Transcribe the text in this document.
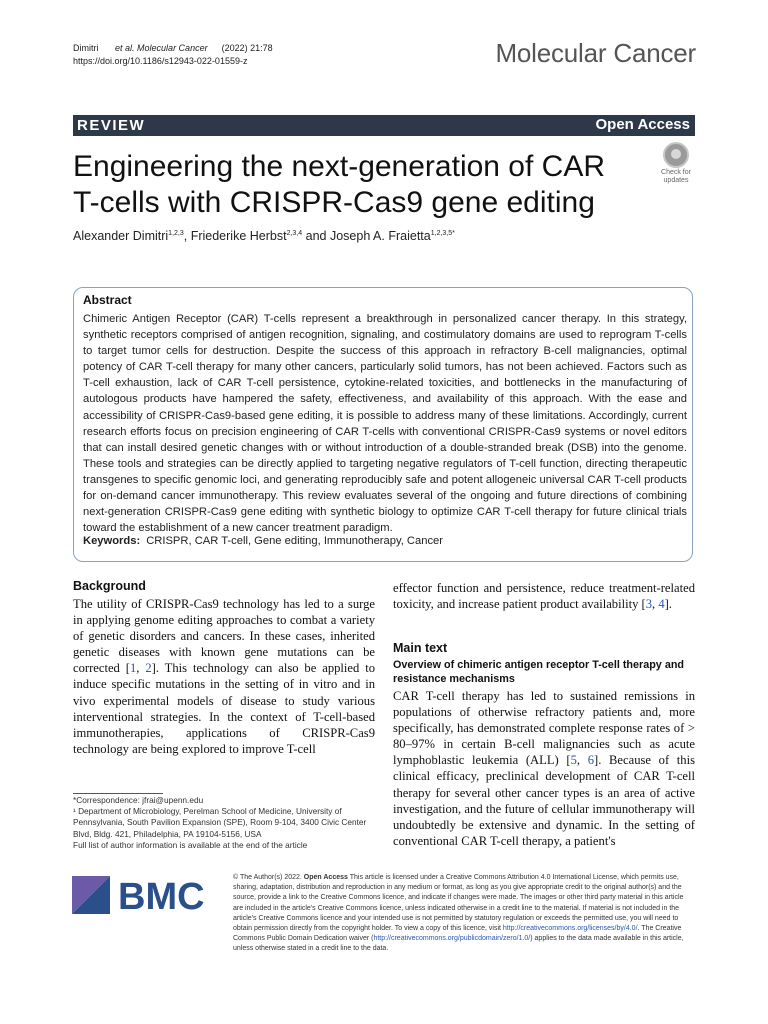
Dimitri et al. Molecular Cancer (2022) 21:78
https://doi.org/10.1186/s12943-022-01559-z	Molecular Cancer
REVIEW	Open Access
Engineering the next-generation of CAR T-cells with CRISPR-Cas9 gene editing
Check for
updates
Alexander Dimitri$^{1,2,3}$, Friederike Herbst$^{2,3,4}$ and Joseph A. Fraietta$^{1,2,3,5*}$
Abstract
Chimeric Antigen Receptor (CAR) T-cells represent a breakthrough in personalized cancer therapy. In this strategy, synthetic receptors comprised of antigen recognition, signaling, and costimulatory domains are used to reprogram T-cells to target tumor cells for destruction. Despite the success of this approach in refractory B-cell malignancies, optimal potency of CAR T-cell therapy for many other cancers, particularly solid tumors, has not been achieved. Factors such as T-cell exhaustion, lack of CAR T-cell persistence, cytokine-related toxicities, and bottlenecks in the manufacturing of autologous products have hampered the safety, effectiveness, and availability of this approach. With the ease and accessibility of CRISPR-Cas9-based gene editing, it is possible to address many of these limitations. Accordingly, current research efforts focus on precision engineering of CAR T-cells with conventional CRISPR-Cas9 systems or novel editors that can install desired genetic changes with or without introduction of a double-stranded break (DSB) into the genome. These tools and strategies can be directly applied to targeting negative regulators of T-cell function, directing therapeutic transgenes to specific genomic loci, and generating reproducibly safe and potent allogeneic universal CAR T-cell products for on-demand cancer immunotherapy. This review evaluates several of the ongoing and future directions of combining next-generation CRISPR-Cas9 gene editing with synthetic biology to optimize CAR T-cell therapy for future clinical trials toward the establishment of a new cancer treatment paradigm.
Keywords: CRISPR, CAR T-cell, Gene editing, Immunotherapy, Cancer
Background
The utility of CRISPR-Cas9 technology has led to a surge in applying genome editing approaches to combat a variety of genetic disorders and cancers. In these cases, inherited genetic diseases with known gene mutations can be corrected [1, 2]. This technology can also be applied to induce specific mutations in the setting of in vitro and in vivo experimental models of disease to study various interventional strategies. In the context of T-cell-based immunotherapies, applications of CRISPR-Cas9 technology are being explored to improve T-cell
*Correspondence: jfrai@upenn.edu
¹ Department of Microbiology, Perelman School of Medicine, University of Pennsylvania, South Pavilion Expansion (SPE), Room 9-104, 3400 Civic Center Blvd, Bldg. 421, Philadelphia, PA 19104-5156, USA
Full list of author information is available at the end of the article
effector function and persistence, reduce treatment-related toxicity, and increase patient product availability [3, 4].
Main text
Overview of chimeric antigen receptor T-cell therapy and resistance mechanisms
CAR T-cell therapy has led to sustained remissions in populations of otherwise refractory patients and, more specifically, has demonstrated complete response rates of > 80–97% in certain B-cell malignancies such as acute lymphoblastic leukemia (ALL) [5, 6]. Because of this clinical efficacy, preclinical development of CAR T-cell therapy for several other cancer types is an area of active investigation, and the future of cellular immunotherapy will undoubtedly be extensive and dynamic. In the setting of conventional CAR T-cell therapy, a patient's
BMC	© The Author(s) 2022. Open Access This article is licensed under a Creative Commons Attribution 4.0 International License, which permits use, sharing, adaptation, distribution and reproduction in any medium or format, as long as you give appropriate credit to the original author(s) and the source, provide a link to the Creative Commons licence, and indicate if changes were made. The images or other third party material in this article are included in the article's Creative Commons licence, unless indicated otherwise in a credit line to the material. If material is not included in the article's Creative Commons licence and your intended use is not permitted by statutory regulation or exceeds the permitted use, you will need to obtain permission directly from the copyright holder. To view a copy of this licence, visit http://creativecommons.org/licenses/by/4.0/. The Creative Commons Public Domain Dedication waiver (http://creativecommons.org/publicdomain/zero/1.0/) applies to the data made available in this article, unless otherwise stated in a credit line to the data.
